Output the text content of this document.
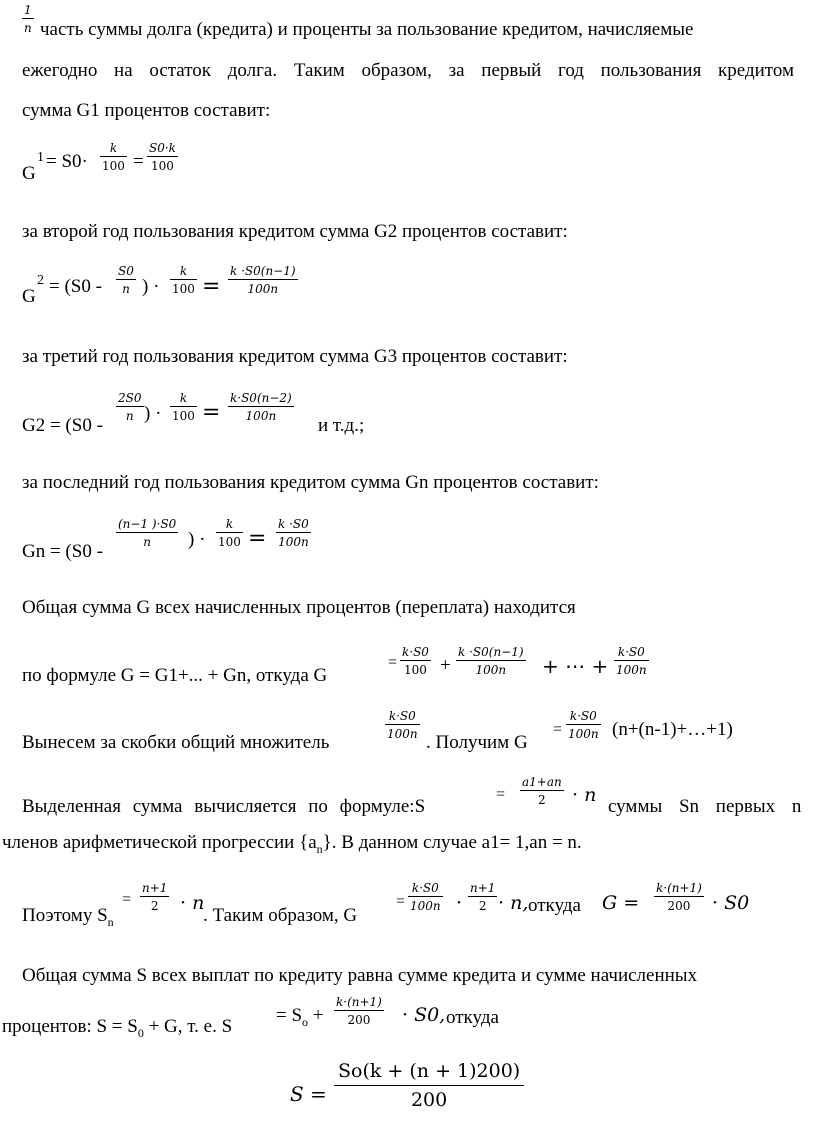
1
n часть суммы долга (кредита) и проценты за пользование кредитом, начисляемые
ежегодно на остаток долга. Таким образом, за первый год пользования кредитом
сумма G1 процентов составит:
G
1 = S0·
k
100 =
S0·k
100
за второй год пользования кредитом сумма G2 процентов составит:
G
2 = (S0 -
S0
n ) ·
k
100 =
k ·S0(n−1)
100n
за третий год пользования кредитом сумма G3 процентов составит:
G2 = (S0 -
2S0
n ) ·
k
100 =
k·S0(n−2)
100n и т.д.;
за последний год пользования кредитом сумма Gn процентов составит:
Gn = (S0 -
(n−1 )·S0
n ) ·
k
100 =
k ·S0
100n
Общая сумма G всех начисленных процентов (переплата) находится
по формуле G = G1+... + Gn, откуда G
=
k·S0
100 +
k ·S0(n−1)
100n + ⋯ +
k·S0
100n
Вынесем за скобки общий множитель
k·S0
100n . Получим G
=
k·S0
100n (n+(n-1)+…+1)
Выделенная сумма вычисляется по формуле:S
=
a1+an
2 · n
суммы Sn первых n
членов арифметической прогрессии $\{a_n\}$. В данном случае a1= 1,an = n.
Поэтому $S_n$
=
n+1
2 · n
. Таким образом, G
=
k·S0
100n ·
n+1
2 · n, откуда G =
k·(n+1)
200 · S0
Общая сумма S всех выплат по кредиту равна сумме кредита и сумме начисленных
процентов: $S = S_0 + G$, т. е. S
= $S_o$ +
k·(n+1)
200 · S0, откуда
S =
So(k + (n + 1)200)
200
